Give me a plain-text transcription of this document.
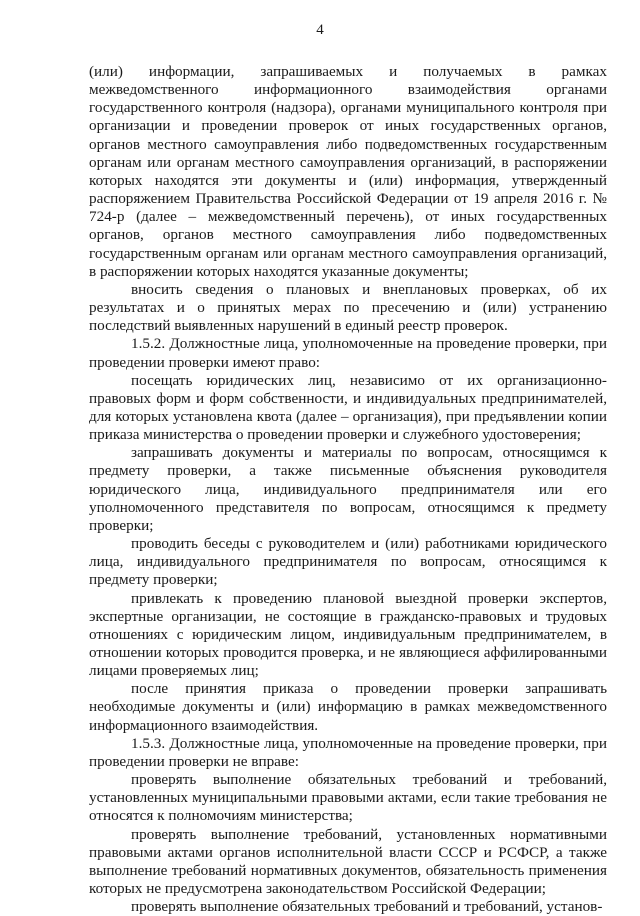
4

(или) информации, запрашиваемых и получаемых в рамках межведомственного информационного взаимодействия органами государственного контроля (надзора), органами муниципального контроля при организации и проведении проверок от иных государственных органов, органов местного самоуправления либо подведомственных государственным органам или органам местного самоуправления организаций, в распоряжении которых находятся эти документы и (или) информация, утвержденный распоряжением Правительства Российской Федерации от 19 апреля 2016 г. № 724-р (далее – межведомственный перечень), от иных государственных органов, органов местного самоуправления либо подведомственных государственным органам или органам местного самоуправления организаций, в распоряжении которых находятся указанные документы;

вносить сведения о плановых и внеплановых проверках, об их результатах и о принятых мерах по пресечению и (или) устранению последствий выявленных нарушений в единый реестр проверок.

1.5.2. Должностные лица, уполномоченные на проведение проверки, при проведении проверки имеют право:

посещать юридических лиц, независимо от их организационно-правовых форм и форм собственности, и индивидуальных предпринимателей, для которых установлена квота (далее – организация), при предъявлении копии приказа министерства о проведении проверки и служебного удостоверения;

запрашивать документы и материалы по вопросам, относящимся к предмету проверки, а также письменные объяснения руководителя юридического лица, индивидуального предпринимателя или его уполномоченного представителя по вопросам, относящимся к предмету проверки;

проводить беседы с руководителем и (или) работниками юридического лица, индивидуального предпринимателя по вопросам, относящимся к предмету проверки;

привлекать к проведению плановой выездной проверки экспертов, экспертные организации, не состоящие в гражданско-правовых и трудовых отношениях с юридическим лицом, индивидуальным предпринимателем, в отношении которых проводится проверка, и не являющиеся аффилированными лицами проверяемых лиц;

после принятия приказа о проведении проверки запрашивать необходимые документы и (или) информацию в рамках межведомственного информационного взаимодействия.

1.5.3. Должностные лица, уполномоченные на проведение проверки, при проведении проверки не вправе:

проверять выполнение обязательных требований и требований, установленных муниципальными правовыми актами, если такие требования не относятся к полномочиям министерства;

проверять выполнение требований, установленных нормативными правовыми актами органов исполнительной власти СССР и РСФСР, а также выполнение требований нормативных документов, обязательность применения которых не предусмотрена законодательством Российской Федерации;

проверять выполнение обязательных требований и требований, установ-
